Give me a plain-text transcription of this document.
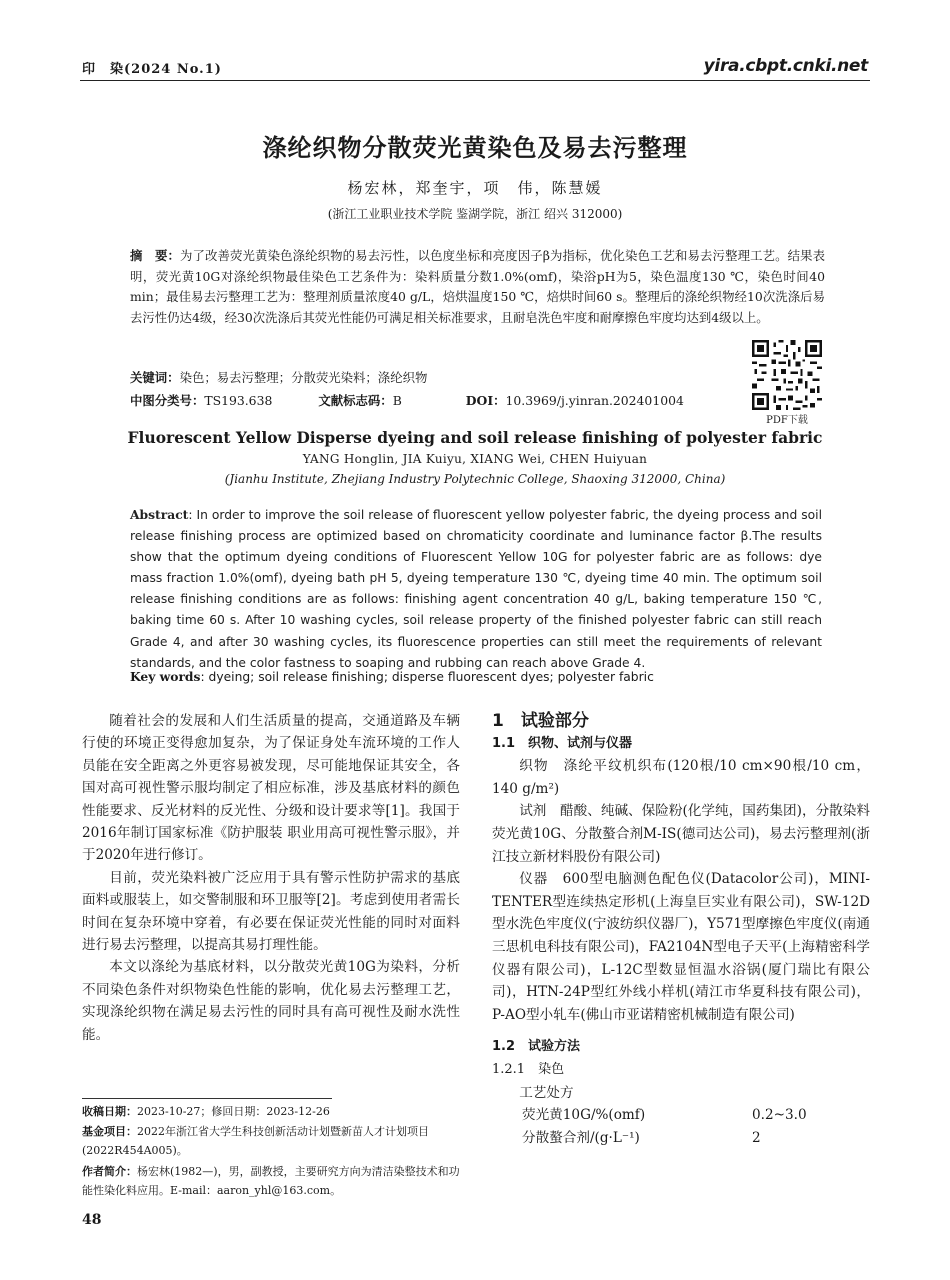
印　染(2024 No.1)	yira.cbpt.cnki.net
涤纶织物分散荧光黄染色及易去污整理
杨宏林，郑奎宇，项　伟，陈慧媛
(浙江工业职业技术学院 鉴湖学院，浙江 绍兴 312000)
摘　要：为了改善荧光黄染色涤纶织物的易去污性，以色度坐标和亮度因子β为指标，优化染色工艺和易去污整理工艺。结果表明，荧光黄10G对涤纶织物最佳染色工艺条件为：染料质量分数1.0%(omf)，染浴pH为5，染色温度130 ℃，染色时间40 min；最佳易去污整理工艺为：整理剂质量浓度40 g/L，焙烘温度150 ℃，焙烘时间60 s。整理后的涤纶织物经10次洗涤后易去污性仍达4级，经30次洗涤后其荧光性能仍可满足相关标准要求，且耐皂洗色牢度和耐摩擦色牢度均达到4级以上。
关键词：染色；易去污整理；分散荧光染料；涤纶织物
中图分类号：TS193.638	文献标志码：B	DOI：10.3969/j.yinran.202401004
PDF下载
Fluorescent Yellow Disperse dyeing and soil release finishing of polyester fabric
YANG Honglin, JIA Kuiyu, XIANG Wei, CHEN Huiyuan
(Jianhu Institute, Zhejiang Industry Polytechnic College, Shaoxing 312000, China)
Abstract: In order to improve the soil release of fluorescent yellow polyester fabric, the dyeing process and soil release finishing process are optimized based on chromaticity coordinate and luminance factor β.The results show that the optimum dyeing conditions of Fluorescent Yellow 10G for polyester fabric are as follows: dye mass fraction 1.0%(omf), dyeing bath pH 5, dyeing temperature 130 ℃, dyeing time 40 min. The optimum soil release finishing conditions are as follows: finishing agent concentration 40 g/L, baking temperature 150 ℃, baking time 60 s. After 10 washing cycles, soil release property of the finished polyester fabric can still reach Grade 4, and after 30 washing cycles, its fluorescence properties can still meet the requirements of relevant standards, and the color fastness to soaping and rubbing can reach above Grade 4.
Key words: dyeing; soil release finishing; disperse fluorescent dyes; polyester fabric

随着社会的发展和人们生活质量的提高，交通道路及车辆行使的环境正变得愈加复杂，为了保证身处车流环境的工作人员能在安全距离之外更容易被发现，尽可能地保证其安全，各国对高可视性警示服均制定了相应标准，涉及基底材料的颜色性能要求、反光材料的反光性、分级和设计要求等[1]。我国于2016年制订国家标准《防护服装 职业用高可视性警示服》，并于2020年进行修订。

目前，荧光染料被广泛应用于具有警示性防护需求的基底面料或服装上，如交警制服和环卫服等[2]。考虑到使用者需长时间在复杂环境中穿着，有必要在保证荧光性能的同时对面料进行易去污整理，以提高其易打理性能。

本文以涤纶为基底材料，以分散荧光黄10G为染料，分析不同染色条件对织物染色性能的影响，优化易去污整理工艺，实现涤纶织物在满足易去污性的同时具有高可视性及耐水洗性能。

收稿日期：2023-10-27；修回日期：2023-12-26
基金项目：2022年浙江省大学生科技创新活动计划暨新苗人才计划项目(2022R454A005)。
作者简介：杨宏林(1982—)，男，副教授，主要研究方向为清洁染整技术和功能性染化料应用。E-mail：aaron_yhl@163.com。

1　试验部分

1.1　织物、试剂与仪器

织物　涤纶平纹机织布(120根/10 cm×90根/10 cm，140 g/m²)

试剂　醋酸、纯碱、保险粉(化学纯，国药集团)，分散染料荧光黄10G、分散螯合剂M-IS(德司达公司)，易去污整理剂(浙江技立新材料股份有限公司)

仪器　600型电脑测色配色仪(Datacolor公司)，MINI-TENTER型连续热定形机(上海皇巨实业有限公司)，SW-12D型水洗色牢度仪(宁波纺织仪器厂)，Y571型摩擦色牢度仪(南通三思机电科技有限公司)，FA2104N型电子天平(上海精密科学仪器有限公司)，L-12C型数显恒温水浴锅(厦门瑞比有限公司)，HTN-24P型红外线小样机(靖江市华夏科技有限公司)，P-AO型小轧车(佛山市亚诺精密机械制造有限公司)

1.2　试验方法

1.2.1　染色

工艺处方

荧光黄10G/%(omf)	0.2~3.0
分散螯合剂/(g·L⁻¹)	2
48
